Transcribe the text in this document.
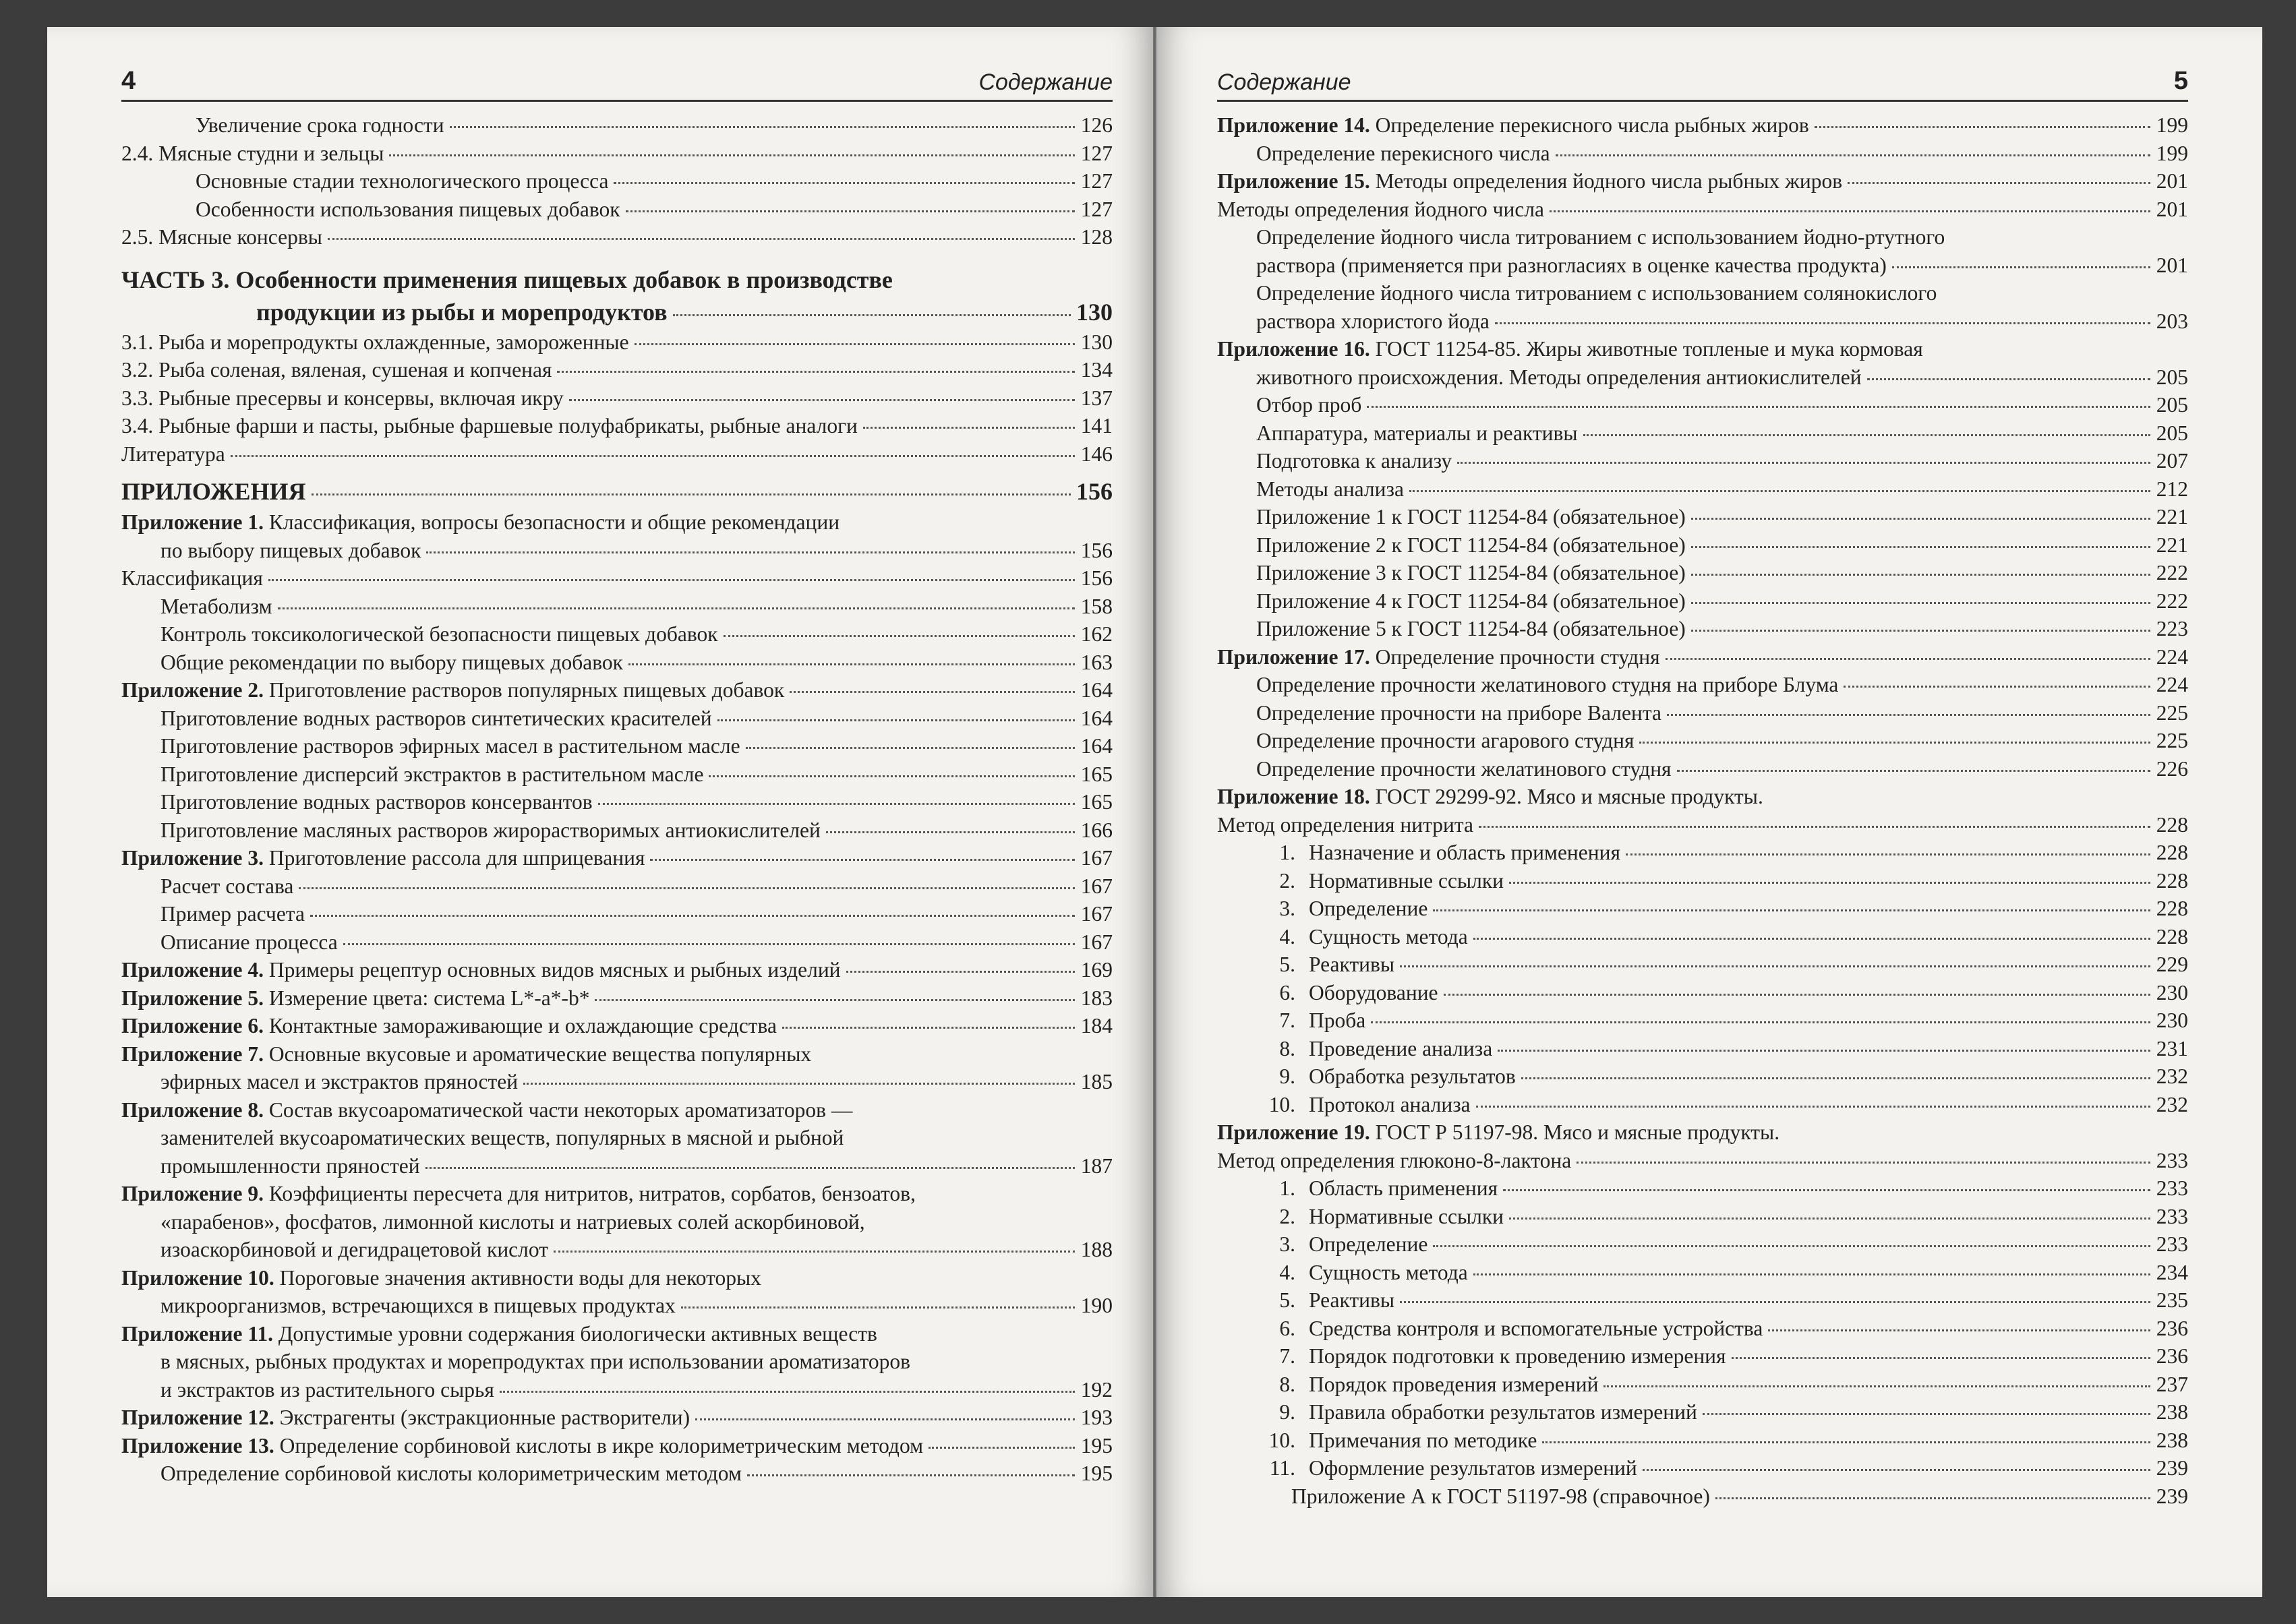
4	Содержание
Увеличение срока годности	126
2.4. Мясные студни и зельцы	127
Основные стадии технологического процесса	127
Особенности использования пищевых добавок	127
2.5. Мясные консервы	128
ЧАСТЬ 3. Особенности применения пищевых добавок в производстве
продукции из рыбы и морепродуктов	130
3.1. Рыба и морепродукты охлажденные, замороженные	130
3.2. Рыба соленая, вяленая, сушеная и копченая	134
3.3. Рыбные пресервы и консервы, включая икру	137
3.4. Рыбные фарши и пасты, рыбные фаршевые полуфабрикаты, рыбные аналоги	141
Литература	146
ПРИЛОЖЕНИЯ	156
Приложение 1. Классификация, вопросы безопасности и общие рекомендации
по выбору пищевых добавок	156
Классификация	156
Метаболизм	158
Контроль токсикологической безопасности пищевых добавок	162
Общие рекомендации по выбору пищевых добавок	163
Приложение 2. Приготовление растворов популярных пищевых добавок	164
Приготовление водных растворов синтетических красителей	164
Приготовление растворов эфирных масел в растительном масле	164
Приготовление дисперсий экстрактов в растительном масле	165
Приготовление водных растворов консервантов	165
Приготовление масляных растворов жирорастворимых антиокислителей	166
Приложение 3. Приготовление рассола для шприцевания	167
Расчет состава	167
Пример расчета	167
Описание процесса	167
Приложение 4. Примеры рецептур основных видов мясных и рыбных изделий	169
Приложение 5. Измерение цвета: система L*-a*-b*	183
Приложение 6. Контактные замораживающие и охлаждающие средства	184
Приложение 7. Основные вкусовые и ароматические вещества популярных
эфирных масел и экстрактов пряностей	185
Приложение 8. Состав вкусоароматической части некоторых ароматизаторов —
заменителей вкусоароматических веществ, популярных в мясной и рыбной
промышленности пряностей	187
Приложение 9. Коэффициенты пересчета для нитритов, нитратов, сорбатов, бензоатов,
«парабенов», фосфатов, лимонной кислоты и натриевых солей аскорбиновой,
изоаскорбиновой и дегидрацетовой кислот	188
Приложение 10. Пороговые значения активности воды для некоторых
микроорганизмов, встречающихся в пищевых продуктах	190
Приложение 11. Допустимые уровни содержания биологически активных веществ
в мясных, рыбных продуктах и морепродуктах при использовании ароматизаторов
и экстрактов из растительного сырья	192
Приложение 12. Экстрагенты (экстракционные растворители)	193
Приложение 13. Определение сорбиновой кислоты в икре колориметрическим методом	195
Определение сорбиновой кислоты колориметрическим методом	195
Содержание	5
Приложение 14. Определение перекисного числа рыбных жиров	199
Определение перекисного числа	199
Приложение 15. Методы определения йодного числа рыбных жиров	201
Методы определения йодного числа	201
Определение йодного числа титрованием с использованием йодно-ртутного
раствора (применяется при разногласиях в оценке качества продукта)	201
Определение йодного числа титрованием с использованием солянокислого
раствора хлористого йода	203
Приложение 16. ГОСТ 11254-85. Жиры животные топленые и мука кормовая
животного происхождения. Методы определения антиокислителей	205
Отбор проб	205
Аппаратура, материалы и реактивы	205
Подготовка к анализу	207
Методы анализа	212
Приложение 1 к ГОСТ 11254-84 (обязательное)	221
Приложение 2 к ГОСТ 11254-84 (обязательное)	221
Приложение 3 к ГОСТ 11254-84 (обязательное)	222
Приложение 4 к ГОСТ 11254-84 (обязательное)	222
Приложение 5 к ГОСТ 11254-84 (обязательное)	223
Приложение 17. Определение прочности студня	224
Определение прочности желатинового студня на приборе Блума	224
Определение прочности на приборе Валента	225
Определение прочности агарового студня	225
Определение прочности желатинового студня	226
Приложение 18. ГОСТ 29299-92. Мясо и мясные продукты.
Метод определения нитрита	228
1. Назначение и область применения	228
2. Нормативные ссылки	228
3. Определение	228
4. Сущность метода	228
5. Реактивы	229
6. Оборудование	230
7. Проба	230
8. Проведение анализа	231
9. Обработка результатов	232
10. Протокол анализа	232
Приложение 19. ГОСТ Р 51197-98. Мясо и мясные продукты.
Метод определения глюконо-8-лактона	233
1. Область применения	233
2. Нормативные ссылки	233
3. Определение	233
4. Сущность метода	234
5. Реактивы	235
6. Средства контроля и вспомогательные устройства	236
7. Порядок подготовки к проведению измерения	236
8. Порядок проведения измерений	237
9. Правила обработки результатов измерений	238
10. Примечания по методике	238
11. Оформление результатов измерений	239
Приложение А к ГОСТ 51197-98 (справочное)	239
